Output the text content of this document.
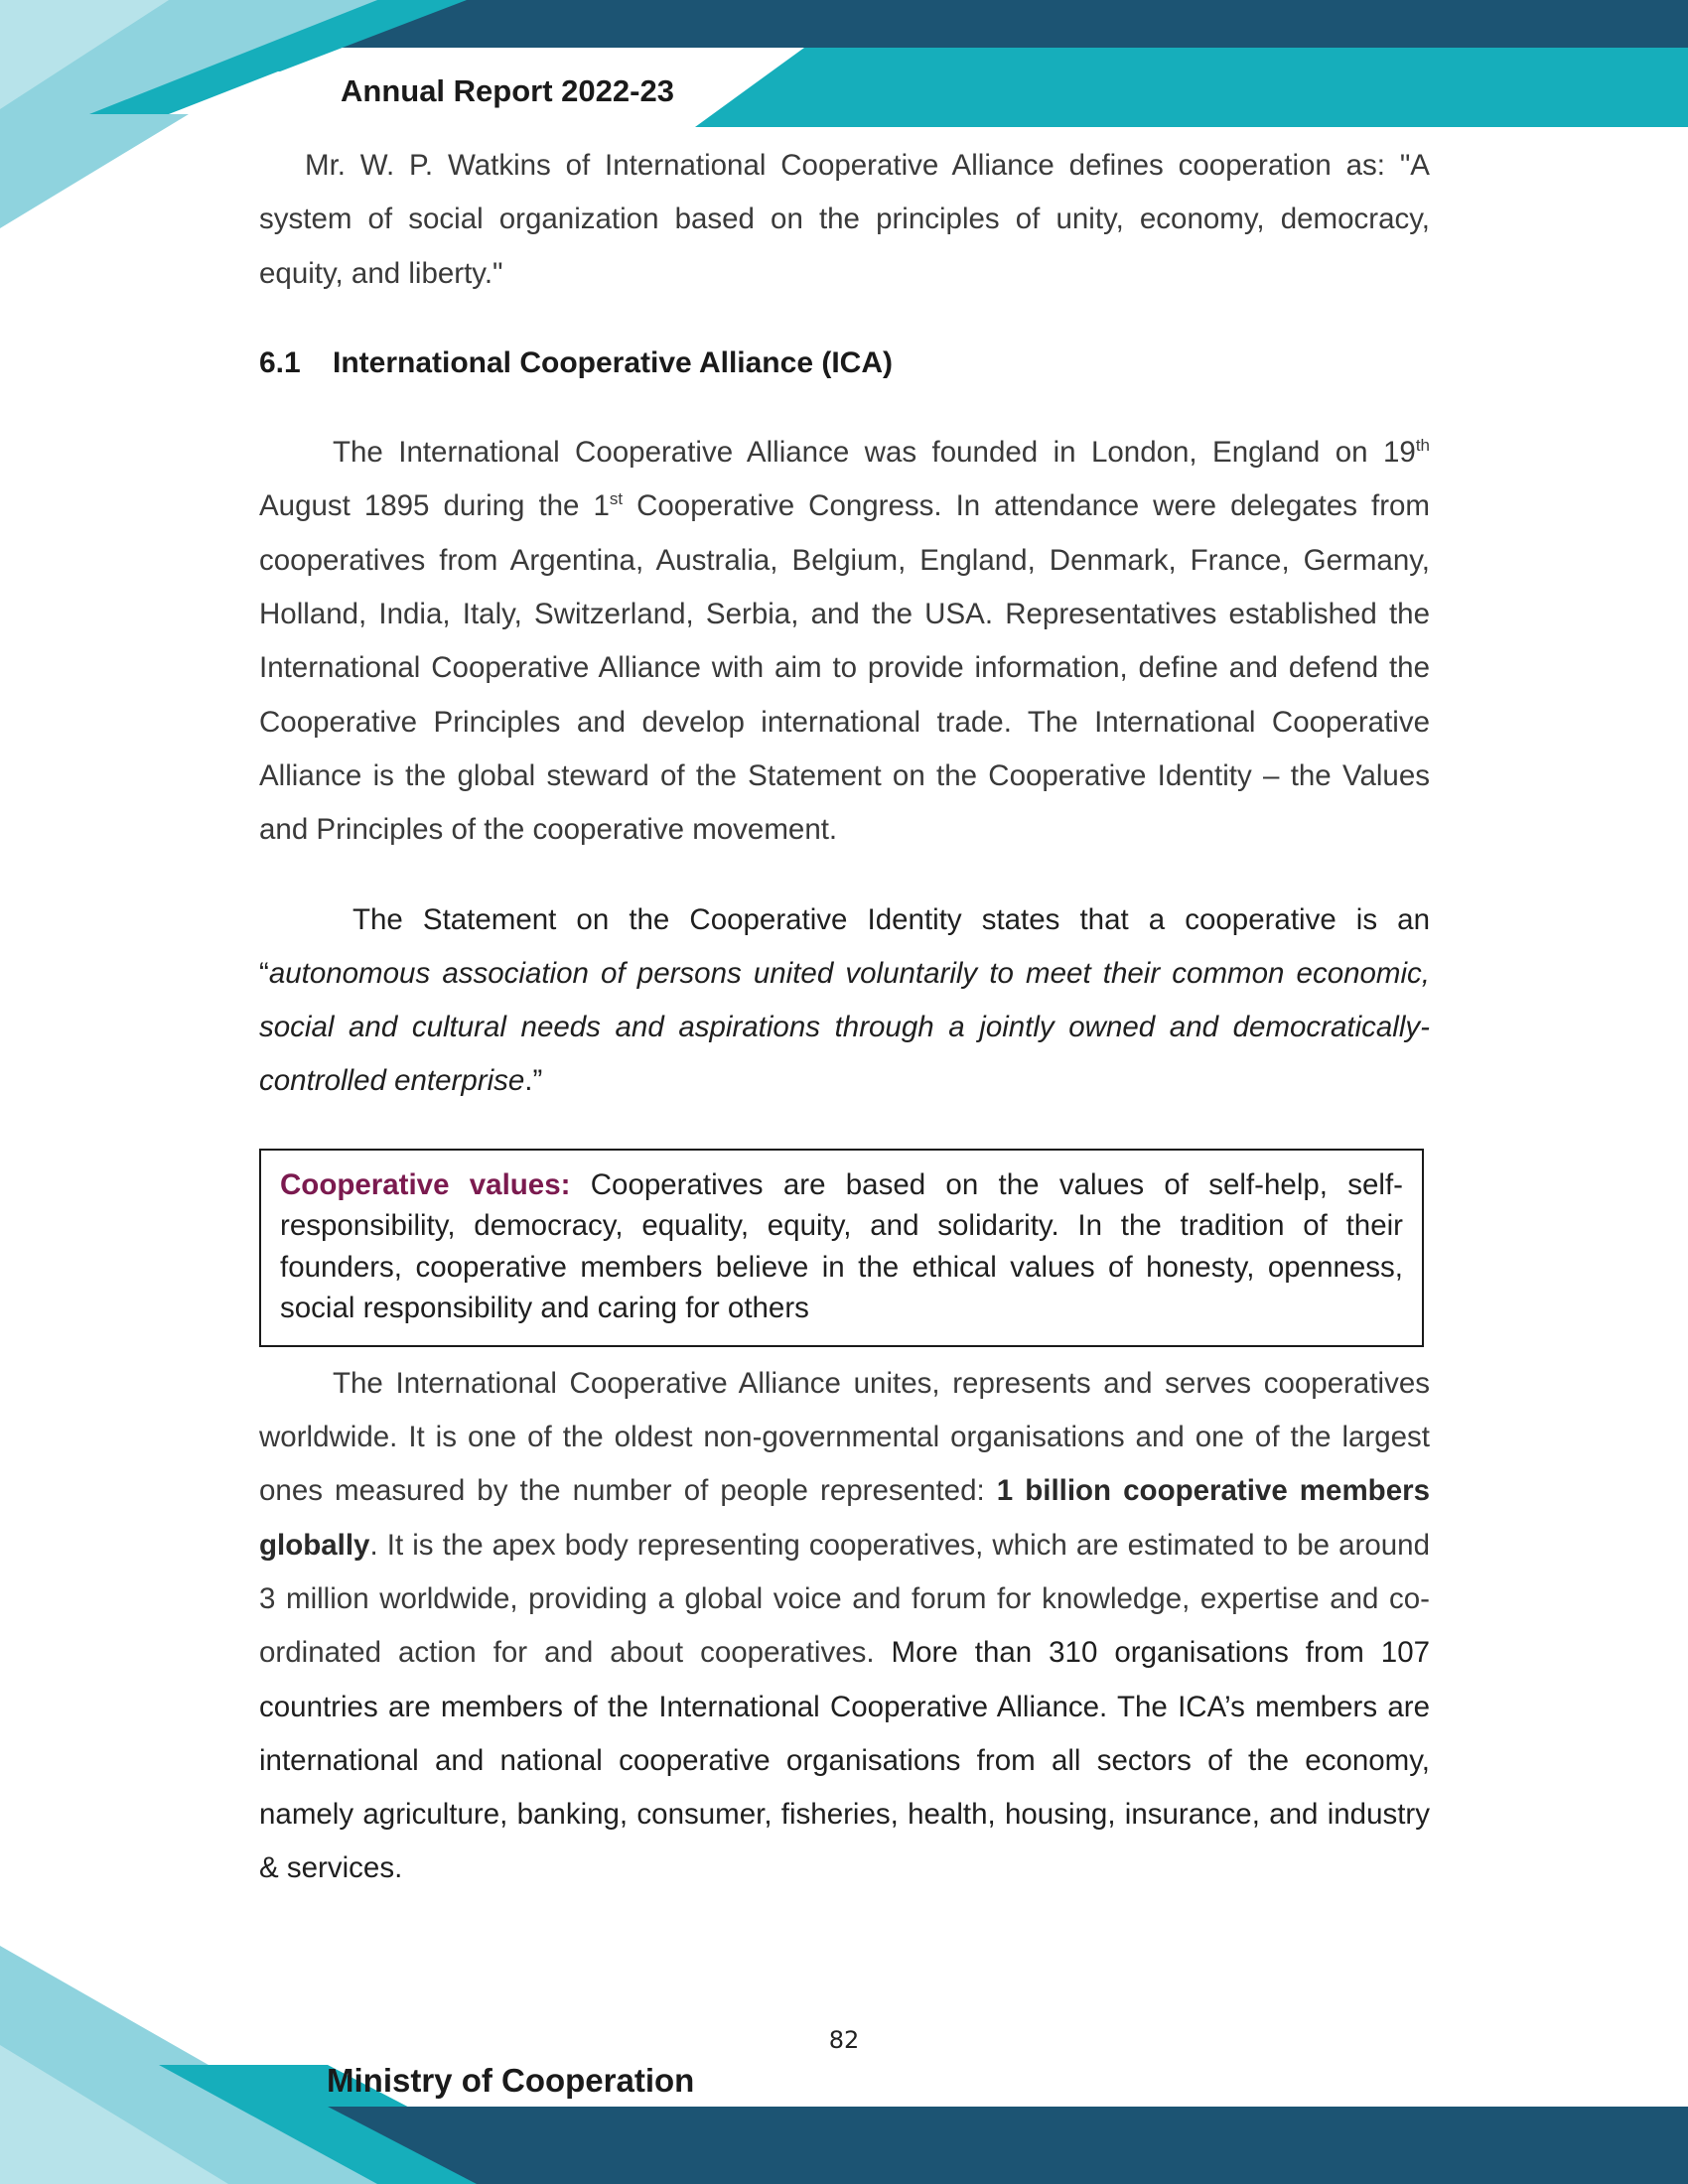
Annual Report 2022-23

Mr. W. P. Watkins of International Cooperative Alliance defines cooperation as: "A system of social organization based on the principles of unity, economy, democracy, equity, and liberty."

6.1 International Cooperative Alliance (ICA)

The International Cooperative Alliance was founded in London, England on 19th August 1895 during the 1st Cooperative Congress. In attendance were delegates from cooperatives from Argentina, Australia, Belgium, England, Denmark, France, Germany, Holland, India, Italy, Switzerland, Serbia, and the USA. Representatives established the International Cooperative Alliance with aim to provide information, define and defend the Cooperative Principles and develop international trade. The International Cooperative Alliance is the global steward of the Statement on the Cooperative Identity – the Values and Principles of the cooperative movement.

The Statement on the Cooperative Identity states that a cooperative is an “autonomous association of persons united voluntarily to meet their common economic, social and cultural needs and aspirations through a jointly owned and democratically-controlled enterprise.”

Cooperative values: Cooperatives are based on the values of self-help, self-responsibility, democracy, equality, equity, and solidarity. In the tradition of their founders, cooperative members believe in the ethical values of honesty, openness, social responsibility and caring for others

The International Cooperative Alliance unites, represents and serves cooperatives worldwide. It is one of the oldest non-governmental organisations and one of the largest ones measured by the number of people represented: 1 billion cooperative members globally. It is the apex body representing cooperatives, which are estimated to be around 3 million worldwide, providing a global voice and forum for knowledge, expertise and co-ordinated action for and about cooperatives. More than 310 organisations from 107 countries are members of the International Cooperative Alliance. The ICA’s members are international and national cooperative organisations from all sectors of the economy, namely agriculture, banking, consumer, fisheries, health, housing, insurance, and industry & services.

82
Ministry of Cooperation
